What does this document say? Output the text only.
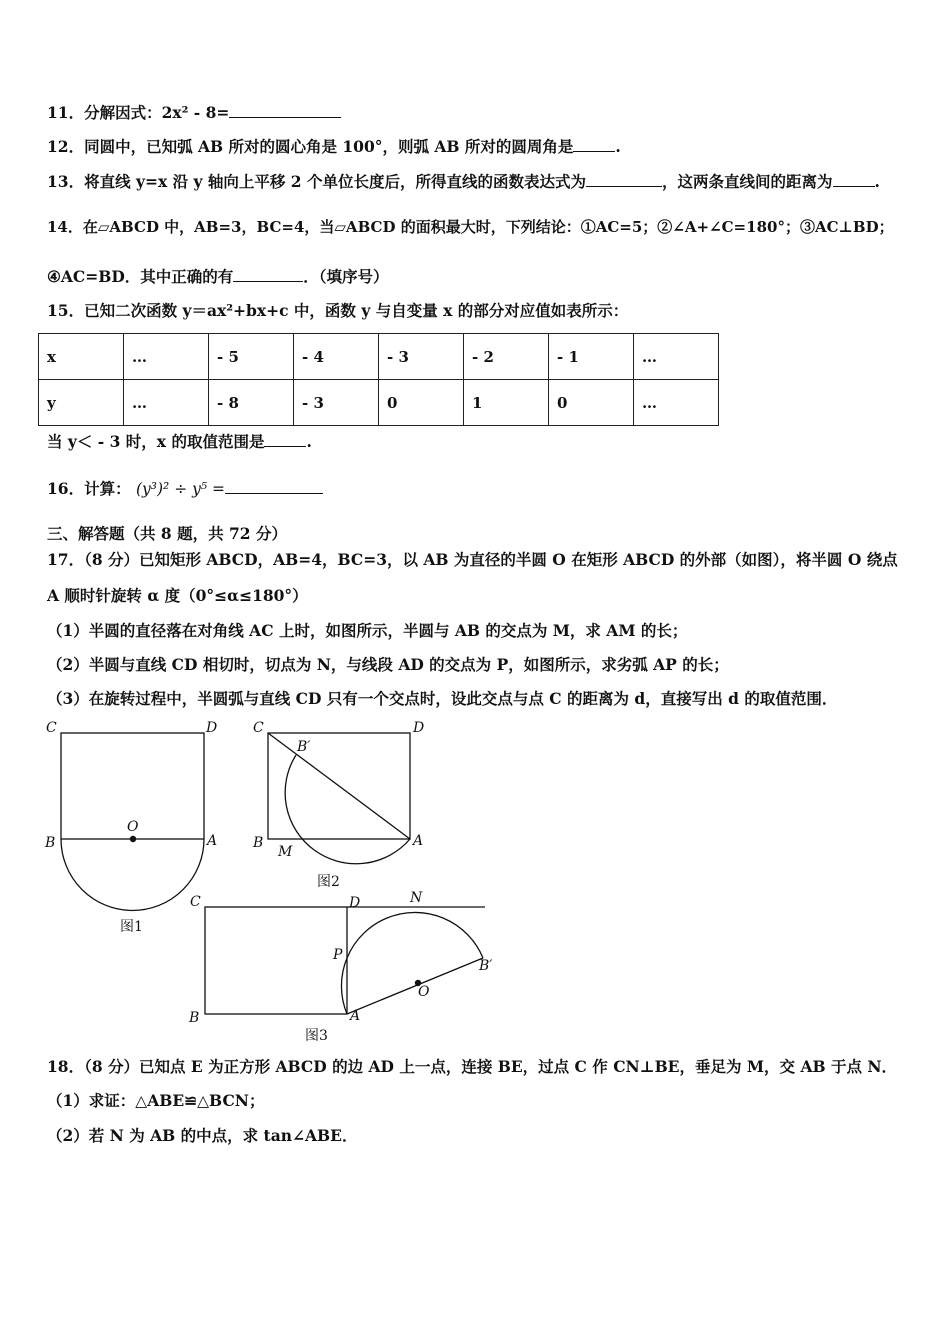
11．分解因式：2x² - 8=
12．同圆中，已知弧 AB 所对的圆心角是 100°，则弧 AB 所对的圆周角是	.
13．将直线 y=x 沿 y 轴向上平移 2 个单位长度后，所得直线的函数表达式为	，这两条直线间的距离为	.
14．在▱ABCD 中，AB=3，BC=4，当▱ABCD 的面积最大时，下列结论：①AC=5；②∠A+∠C=180°；③AC⊥BD；
④AC=BD．其中正确的有	．（填序号）
15．已知二次函数 y＝ax²+bx+c 中，函数 y 与自变量 x 的部分对应值如表所示：
x	…	- 5	- 4	- 3	- 2	- 1	…
y	…	- 8	- 3	0	1	0	…
当 y＜ - 3 时，x 的取值范围是	.
16．计算： (y³)² ÷ y⁵ =
三、解答题（共 8 题，共 72 分）
17．（8 分）已知矩形 ABCD，AB=4，BC=3，以 AB 为直径的半圆 O 在矩形 ABCD 的外部（如图），将半圆 O 绕点
A 顺时针旋转 α 度（0°≤α≤180°）
（1）半圆的直径落在对角线 AC 上时，如图所示，半圆与 AB 的交点为 M，求 AM 的长；
（2）半圆与直线 CD 相切时，切点为 N，与线段 AD 的交点为 P，如图所示，求劣弧 AP 的长；
（3）在旋转过程中，半圆弧与直线 CD 只有一个交点时，设此交点与点 C 的距离为 d，直接写出 d 的取值范围．
C	D
B	A
O
图1
C	D
B′
B	A
M
图2
C	D	N
P
O
B′
B	A
图3
18．（8 分）已知点 E 为正方形 ABCD 的边 AD 上一点，连接 BE，过点 C 作 CN⊥BE，垂足为 M，交 AB 于点 N．
（1）求证：△ABE≌△BCN；
（2）若 N 为 AB 的中点，求 tan∠ABE．
